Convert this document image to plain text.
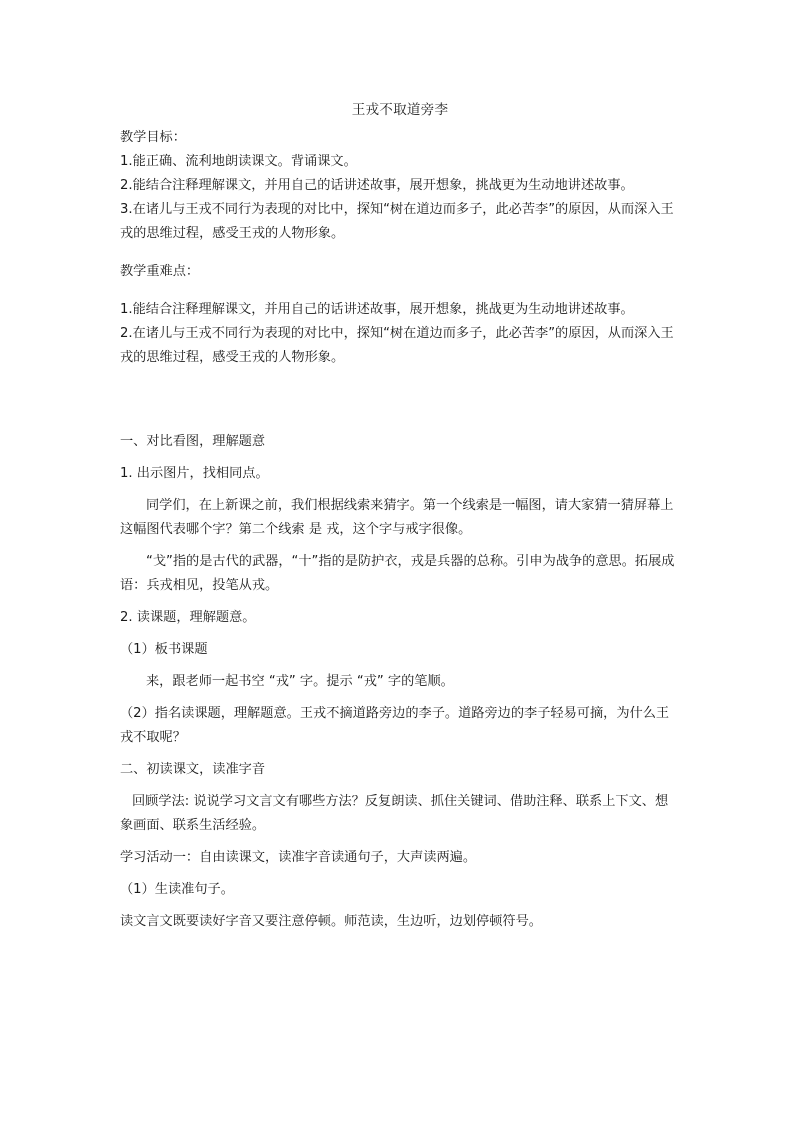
王戎不取道旁李
教学目标：
1.能正确、流利地朗读课文。背诵课文。
2.能结合注释理解课文，并用自己的话讲述故事，展开想象，挑战更为生动地讲述故事。
3.在诸儿与王戎不同行为表现的对比中，探知“树在道边而多子，此必苦李”的原因，从而深入王戎的思维过程，感受王戎的人物形象。
教学重难点：
1.能结合注释理解课文，并用自己的话讲述故事，展开想象，挑战更为生动地讲述故事。
2.在诸儿与王戎不同行为表现的对比中，探知“树在道边而多子，此必苦李”的原因，从而深入王戎的思维过程，感受王戎的人物形象。
一、对比看图，理解题意
1. 出示图片，找相同点。
同学们，在上新课之前，我们根据线索来猜字。第一个线索是一幅图，请大家猜一猜屏幕上这幅图代表哪个字？第二个线索 是 戎，这个字与戒字很像。
“戈”指的是古代的武器，“十”指的是防护衣，戎是兵器的总称。引申为战争的意思。拓展成语：兵戎相见，投笔从戎。
2. 读课题，理解题意。
（1）板书课题
来，跟老师一起书空 “戎” 字。提示 “戎” 字的笔顺。
（2）指名读课题，理解题意。王戎不摘道路旁边的李子。道路旁边的李子轻易可摘，为什么王戎不取呢？
二、初读课文，读准字音
回顾学法: 说说学习文言文有哪些方法？反复朗读、抓住关键词、借助注释、联系上下文、想象画面、联系生活经验。
学习活动一：自由读课文，读准字音读通句子，大声读两遍。
（1）生读准句子。
读文言文既要读好字音又要注意停顿。师范读，生边听，边划停顿符号。
